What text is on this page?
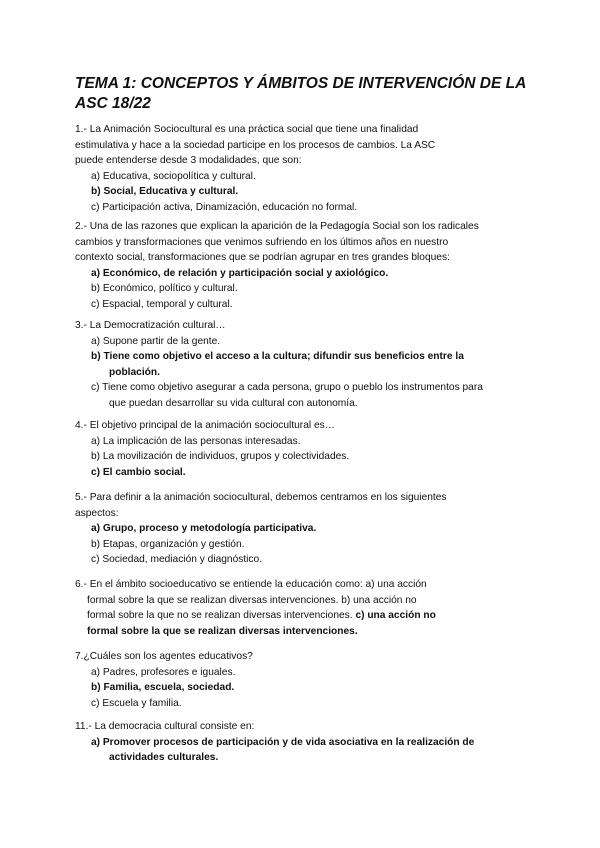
TEMA 1: CONCEPTOS Y ÁMBITOS DE INTERVENCIÓN DE LA ASC 18/22
1.- La Animación Sociocultural es una práctica social que tiene una finalidad
estimulativa y hace a la sociedad participe en los procesos de cambios. La ASC
puede entenderse desde 3 modalidades, que son:
a) Educativa, sociopolítica y cultural.
b) Social, Educativa y cultural.
c) Participación activa, Dinamización, educación no formal.
2.- Una de las razones que explican la aparición de la Pedagogía Social son los radicales
cambios y transformaciones que venimos sufriendo en los últimos años en nuestro
contexto social, transformaciones que se podrían agrupar en tres grandes bloques:
a) Económico, de relación y participación social y axiológico.
b) Económico, político y cultural.
c) Espacial, temporal y cultural.
3.- La Democratización cultural…
a) Supone partir de la gente.
b) Tiene como objetivo el acceso a la cultura; difundir sus beneficios entre la
población.
c) Tiene como objetivo asegurar a cada persona, grupo o pueblo los instrumentos para
que puedan desarrollar su vida cultural con autonomía.
4.- El objetivo principal de la animación sociocultural es…
a) La implicación de las personas interesadas.
b) La movilización de individuos, grupos y colectividades.
c) El cambio social.
5.- Para definir a la animación sociocultural, debemos centramos en los siguientes
aspectos:
a) Grupo, proceso y metodología participativa.
b) Etapas, organización y gestión.
c) Sociedad, mediación y diagnóstico.
6.- En el ámbito socioeducativo se entiende la educación como: a) una acción
formal sobre la que se realizan diversas intervenciones. b) una acción no
formal sobre la que no se realizan diversas intervenciones. c) una acción no
formal sobre la que se realizan diversas intervenciones.
7.¿Cuáles son los agentes educativos?
a) Padres, profesores e iguales.
b) Familia, escuela, sociedad.
c) Escuela y familia.
11.- La democracia cultural consiste en:
a) Promover procesos de participación y de vida asociativa en la realización de
actividades culturales.
